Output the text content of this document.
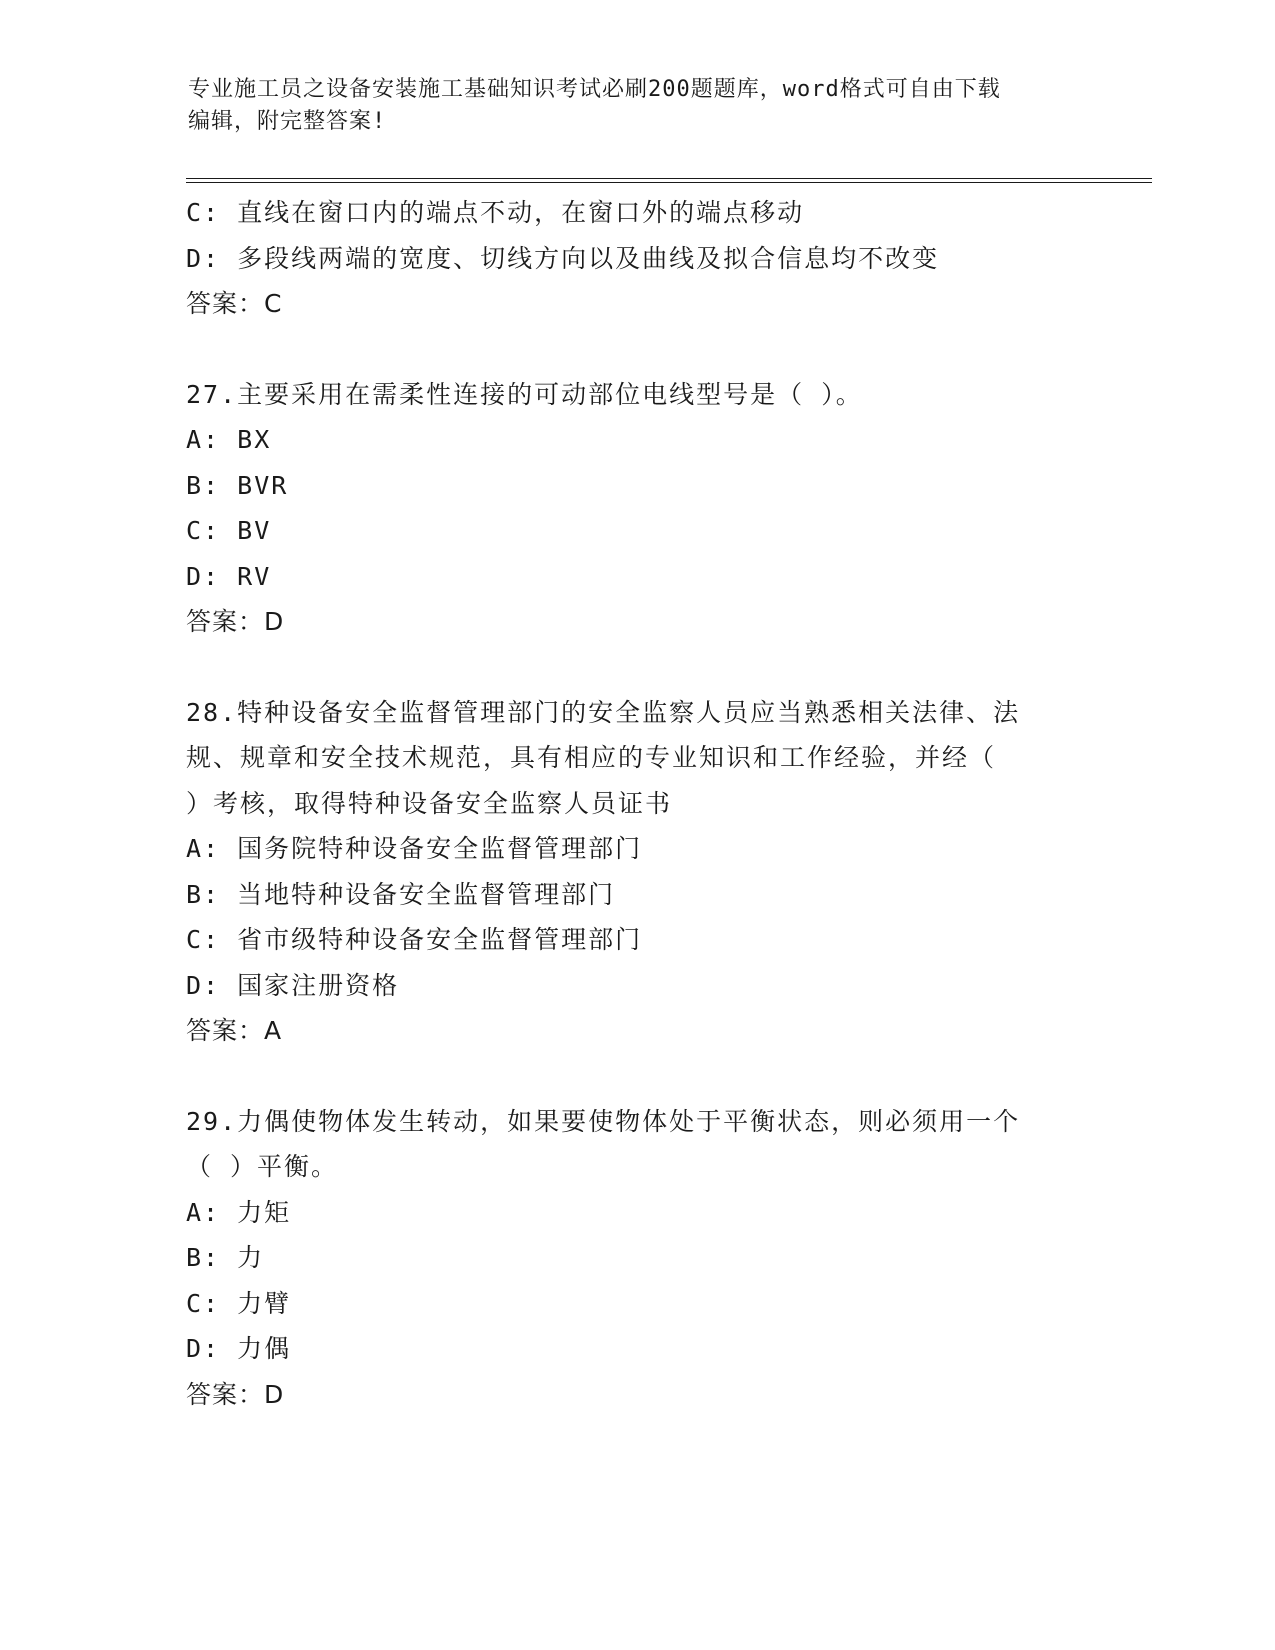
专业施工员之设备安装施工基础知识考试必刷200题题库，word格式可自由下载
编辑，附完整答案!
C: 直线在窗口内的端点不动，在窗口外的端点移动
D: 多段线两端的宽度、切线方向以及曲线及拟合信息均不改变
答案：C
27.主要采用在需柔性连接的可动部位电线型号是（ ）。
A: BX
B: BVR
C: BV
D: RV
答案：D
28.特种设备安全监督管理部门的安全监察人员应当熟悉相关法律、法
规、规章和安全技术规范，具有相应的专业知识和工作经验，并经（
）考核，取得特种设备安全监察人员证书
A: 国务院特种设备安全监督管理部门
B: 当地特种设备安全监督管理部门
C: 省市级特种设备安全监督管理部门
D: 国家注册资格
答案：A
29.力偶使物体发生转动，如果要使物体处于平衡状态，则必须用一个
（ ）平衡。
A: 力矩
B: 力
C: 力臂
D: 力偶
答案：D
